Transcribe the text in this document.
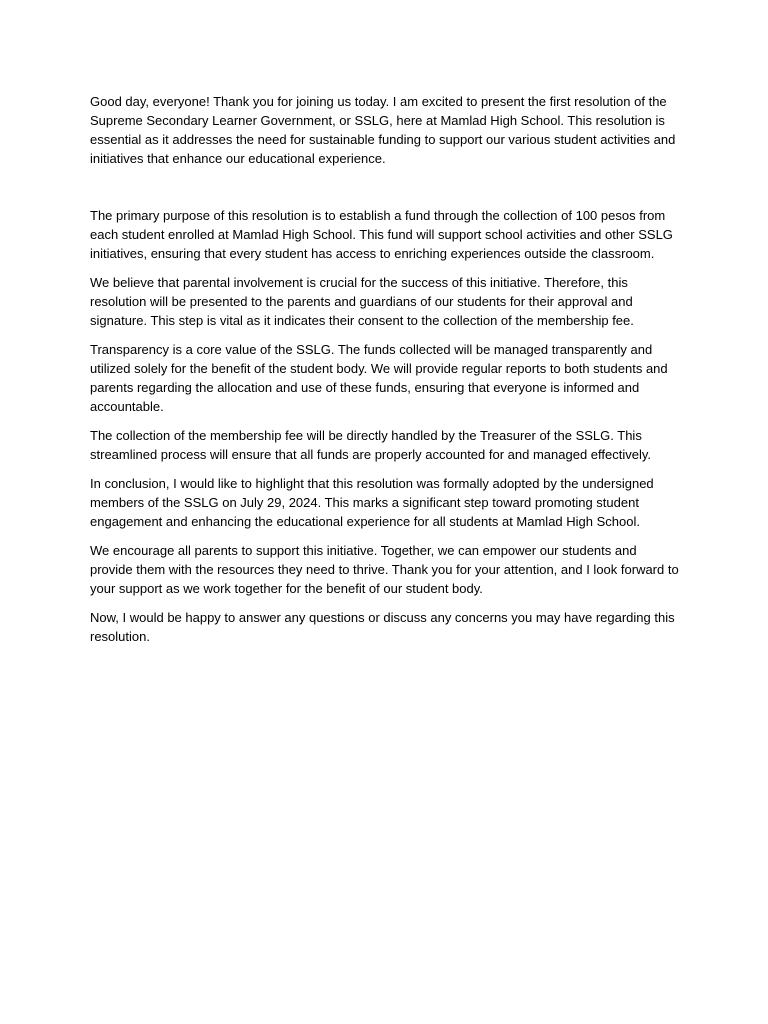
Good day, everyone! Thank you for joining us today. I am excited to present the first resolution of the Supreme Secondary Learner Government, or SSLG, here at Mamlad High School. This resolution is essential as it addresses the need for sustainable funding to support our various student activities and initiatives that enhance our educational experience.

The primary purpose of this resolution is to establish a fund through the collection of 100 pesos from each student enrolled at Mamlad High School. This fund will support school activities and other SSLG initiatives, ensuring that every student has access to enriching experiences outside the classroom.

We believe that parental involvement is crucial for the success of this initiative. Therefore, this resolution will be presented to the parents and guardians of our students for their approval and signature. This step is vital as it indicates their consent to the collection of the membership fee.

Transparency is a core value of the SSLG. The funds collected will be managed transparently and utilized solely for the benefit of the student body. We will provide regular reports to both students and parents regarding the allocation and use of these funds, ensuring that everyone is informed and accountable.

The collection of the membership fee will be directly handled by the Treasurer of the SSLG. This streamlined process will ensure that all funds are properly accounted for and managed effectively.

In conclusion, I would like to highlight that this resolution was formally adopted by the undersigned members of the SSLG on July 29, 2024. This marks a significant step toward promoting student engagement and enhancing the educational experience for all students at Mamlad High School.

We encourage all parents to support this initiative. Together, we can empower our students and provide them with the resources they need to thrive. Thank you for your attention, and I look forward to your support as we work together for the benefit of our student body.

Now, I would be happy to answer any questions or discuss any concerns you may have regarding this resolution.
